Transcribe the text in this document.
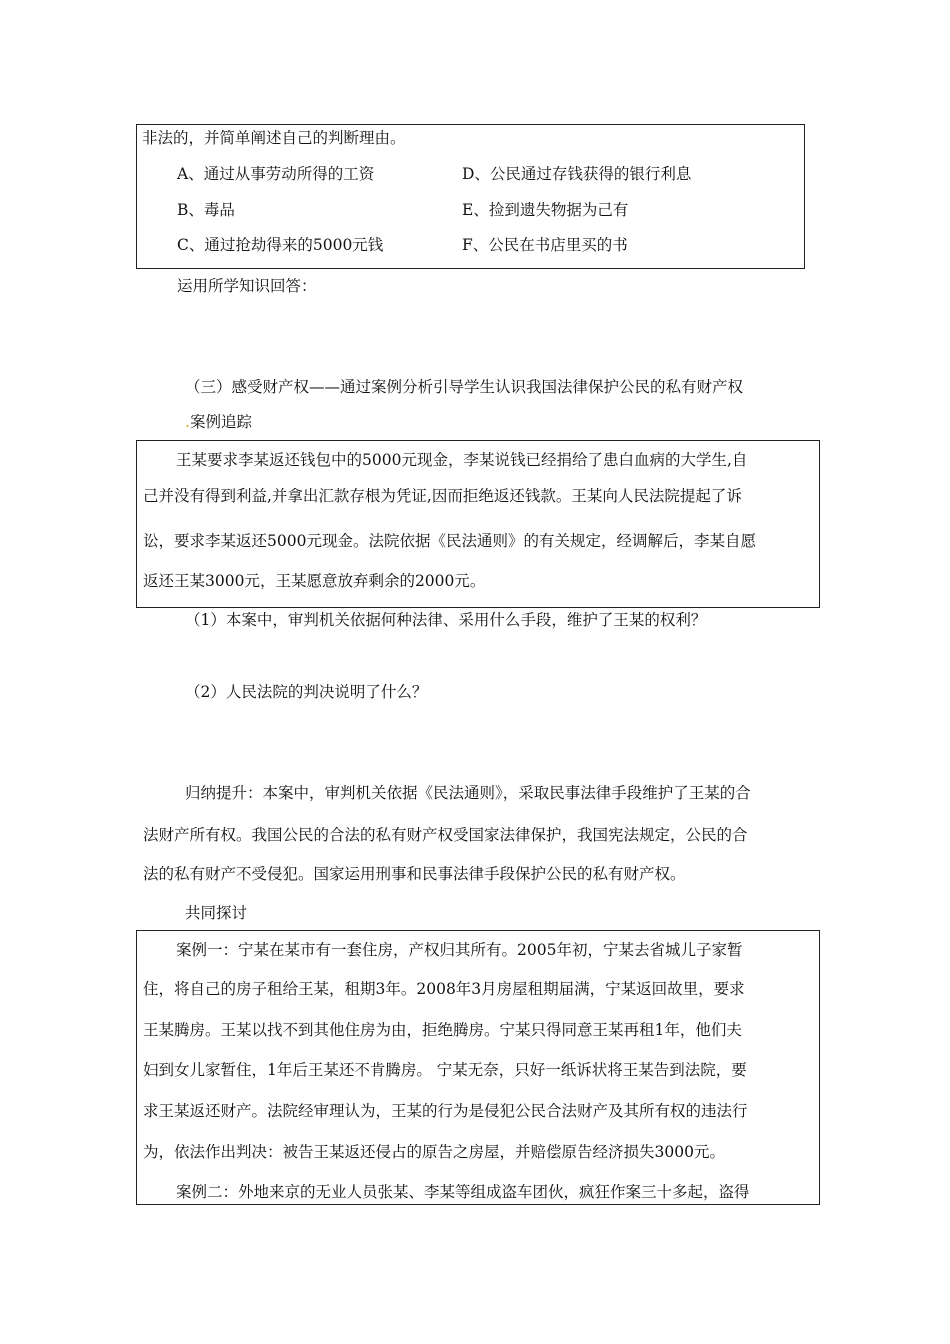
非法的，并简单阐述自己的判断理由。
A、通过从事劳动所得的工资	D、公民通过存钱获得的银行利息
B、毒品	E、捡到遗失物据为己有
C、通过抢劫得来的5000元钱	F、公民在书店里买的书
运用所学知识回答：
（三）感受财产权——通过案例分析引导学生认识我国法律保护公民的私有财产权
.案例追踪
王某要求李某返还钱包中的5000元现金，李某说钱已经捐给了患白血病的大学生,自
己并没有得到利益,并拿出汇款存根为凭证,因而拒绝返还钱款。王某向人民法院提起了诉
讼，要求李某返还5000元现金。法院依据《民法通则》的有关规定，经调解后，李某自愿
返还王某3000元，王某愿意放弃剩余的2000元。
（1）本案中，审判机关依据何种法律、采用什么手段，维护了王某的权利？
（2）人民法院的判决说明了什么？
归纳提升：本案中，审判机关依据《民法通则》，采取民事法律手段维护了王某的合
法财产所有权。我国公民的合法的私有财产权受国家法律保护，我国宪法规定，公民的合
法的私有财产不受侵犯。国家运用刑事和民事法律手段保护公民的私有财产权。
共同探讨
案例一：宁某在某市有一套住房，产权归其所有。2005年初，宁某去省城儿子家暂
住，将自己的房子租给王某，租期3年。2008年3月房屋租期届满，宁某返回故里，要求
王某腾房。王某以找不到其他住房为由，拒绝腾房。宁某只得同意王某再租1年，他们夫
妇到女儿家暂住，1年后王某还不肯腾房。 宁某无奈，只好一纸诉状将王某告到法院，要
求王某返还财产。法院经审理认为，王某的行为是侵犯公民合法财产及其所有权的违法行
为，依法作出判决：被告王某返还侵占的原告之房屋，并赔偿原告经济损失3000元。
案例二：外地来京的无业人员张某、李某等组成盗车团伙，疯狂作案三十多起，盗得
